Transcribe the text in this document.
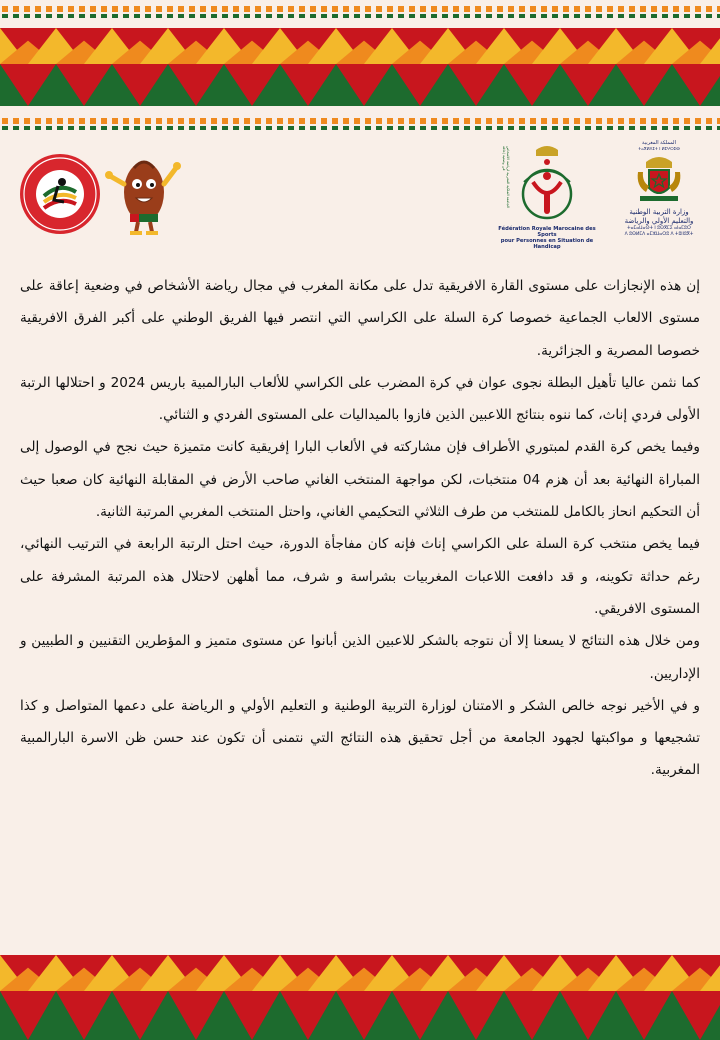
المملكة المغربية
ⵜⴰⴳⵍⴷⵉⵜ ⵏ ⵍⵎⵖⵔⵉⴱ
وزارة التربية الوطنية
والتعليم الأولي والرياضة
ⵜⴰⵎⴰⵡⴰⵙⵜ ⵏ ⵓⵙⴳⵎⵉ ⴰⵏⴰⵎⵓⵔ
ⴷ ⵓⵙⵍⵎⴷ ⴰⵎⵣⵡⴰⵔⵓ ⴷ ⵜⵓⵏⵏⵓⴳⵜ
الجامعة الملكية المغربية لرياضة الأشخاص في وضعية إعاقة
Fédération Royale Marocaine des Sports
pour Personnes en Situation de Handicap

إن هذه الإنجازات على مستوى القارة الافريقية تدل على مكانة المغرب في مجال رياضة الأشخاص في وضعية إعاقة على مستوى الالعاب الجماعية خصوصا كرة السلة على الكراسي التي انتصر فيها الفريق الوطني على أكبر الفرق الافريقية خصوصا المصرية و الجزائرية.

كما نثمن عاليا تأهيل البطلة نجوى عوان في كرة المضرب على الكراسي للألعاب البارالمبية باريس 2024 و احتلالها الرتبة الأولى فردي إناث، كما ننوه بنتائج اللاعبين الذين فازوا بالميداليات على المستوى الفردي و الثنائي.

وفيما يخص كرة القدم لمبتوري الأطراف فإن مشاركته في الألعاب البارا إفريقية كانت متميزة حيث نجح في الوصول إلى المباراة النهائية بعد أن هزم 04 منتخبات، لكن مواجهة المنتخب الغاني صاحب الأرض في المقابلة النهائية كان صعبا حيث أن التحكيم انحاز بالكامل للمنتخب من طرف الثلاثي التحكيمي الغاني، واحتل المنتخب المغربي المرتبة الثانية.

فيما يخص منتخب كرة السلة على الكراسي إناث فإنه كان مفاجأة الدورة، حيث احتل الرتبة الرابعة في الترتيب النهائي، رغم حداثة تكوينه، و قد دافعت اللاعبات المغربيات بشراسة و شرف، مما أهلهن لاحتلال هذه المرتبة المشرفة على المستوى الافريقي.

ومن خلال هذه النتائج لا يسعنا إلا أن نتوجه بالشكر للاعبين الذين أبانوا عن مستوى متميز و المؤطرين التقنيين و الطبيين و الإداريين.

و في الأخير نوجه خالص الشكر و الامتنان لوزارة التربية الوطنية و التعليم الأولي و الرياضة على دعمها المتواصل و كذا تشجيعها و مواكبتها لجهود الجامعة من أجل تحقيق هذه النتائج التي نتمنى أن تكون عند حسن ظن الاسرة البارالمبية المغربية.
